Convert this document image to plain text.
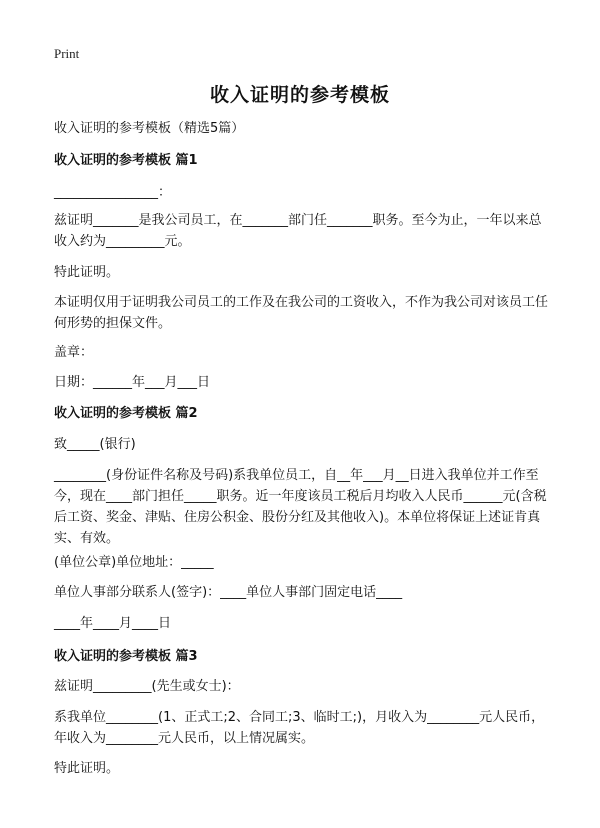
Print
收入证明的参考模板

收入证明的参考模板（精选5篇）

收入证明的参考模板 篇1

________________：

兹证明_______是我公司员工，在_______部门任_______职务。至今为止，一年以来总收入约为_________元。

特此证明。

本证明仅用于证明我公司员工的工作及在我公司的工资收入，不作为我公司对该员工任何形势的担保文件。

盖章：

日期：______年___月___日

收入证明的参考模板 篇2

致_____(银行)

________(身份证件名称及号码)系我单位员工，自__年___月__日进入我单位并工作至今，现在____部门担任_____职务。近一年度该员工税后月均收入人民币______元(含税后工资、奖金、津贴、住房公积金、股份分红及其他收入)。本单位将保证上述证肯真实、有效。

(单位公章)单位地址：_____

单位人事部分联系人(签字)：____单位人事部门固定电话____

____年____月____日

收入证明的参考模板 篇3

兹证明_________(先生或女士)：

系我单位________(1、正式工;2、合同工;3、临时工;)，月收入为________元人民币，年收入为________元人民币，以上情况属实。

特此证明。
